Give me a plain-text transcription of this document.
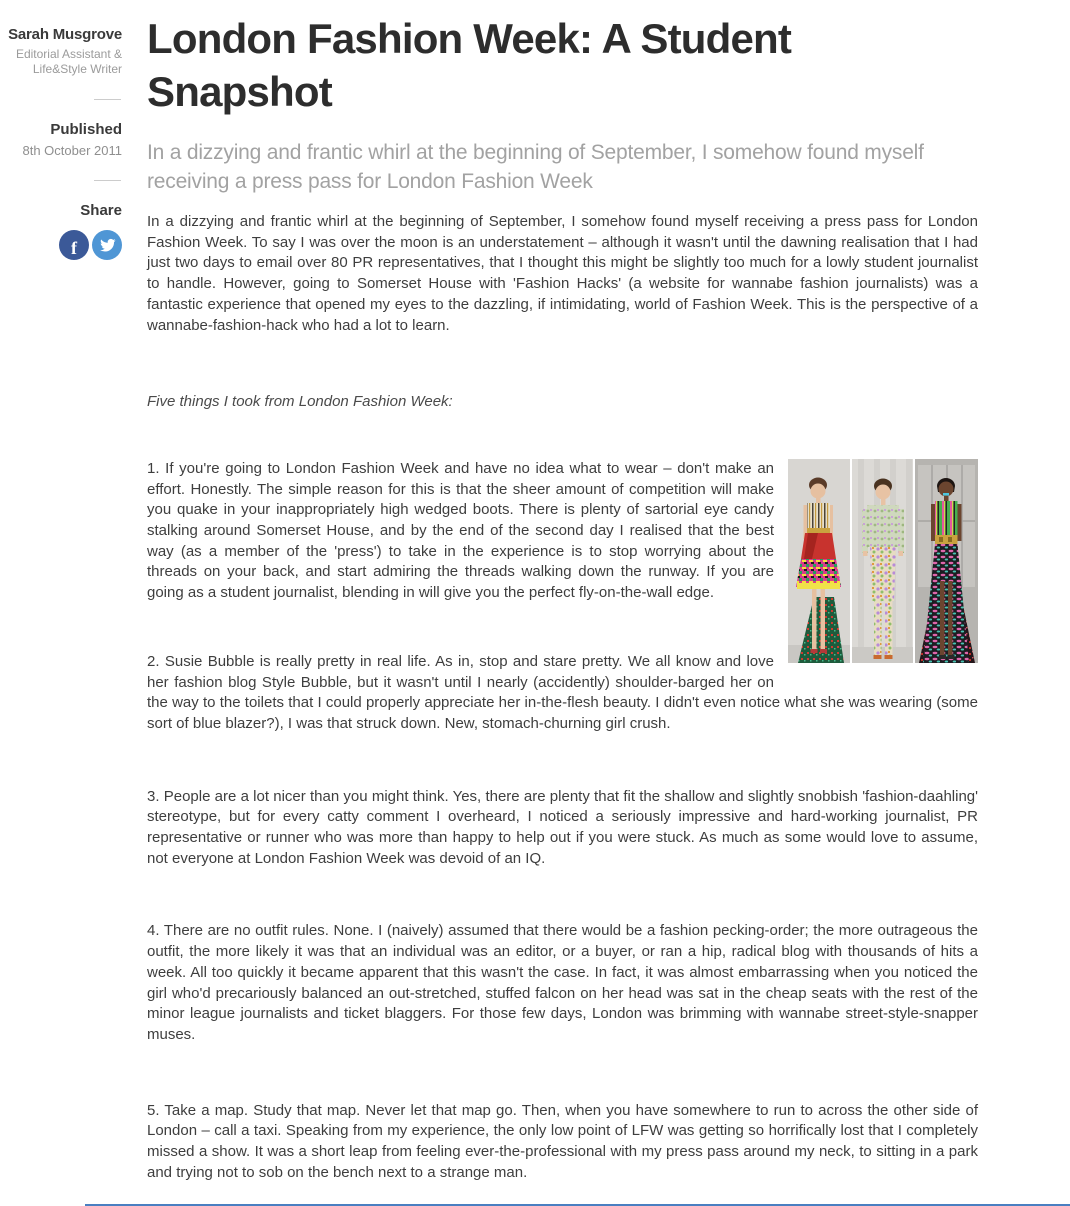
Sarah Musgrove
Editorial Assistant &
Life&Style Writer
Published
8th October 2011
Share
f
London Fashion Week: A Student Snapshot

In a dizzying and frantic whirl at the beginning of September, I somehow found myself receiving a press pass for London Fashion Week

In a dizzying and frantic whirl at the beginning of September, I somehow found myself receiving a press pass for London Fashion Week. To say I was over the moon is an understatement – although it wasn't until the dawning realisation that I had just two days to email over 80 PR representatives, that I thought this might be slightly too much for a lowly student journalist to handle. However, going to Somerset House with 'Fashion Hacks' (a website for wannabe fashion journalists) was a fantastic experience that opened my eyes to the dazzling, if intimidating, world of Fashion Week. This is the perspective of a wannabe-fashion-hack who had a lot to learn.

Five things I took from London Fashion Week:

1. If you're going to London Fashion Week and have no idea what to wear – don't make an effort. Honestly. The simple reason for this is that the sheer amount of competition will make you quake in your inappropriately high wedged boots. There is plenty of sartorial eye candy stalking around Somerset House, and by the end of the second day I realised that the best way (as a member of the 'press') to take in the experience is to stop worrying about the threads on your back, and start admiring the threads walking down the runway. If you are going as a student journalist, blending in will give you the perfect fly-on-the-wall edge.

2. Susie Bubble is really pretty in real life. As in, stop and stare pretty. We all know and love her fashion blog Style Bubble, but it wasn't until I nearly (accidently) shoulder-barged her on the way to the toilets that I could properly appreciate her in-the-flesh beauty. I didn't even notice what she was wearing (some sort of blue blazer?), I was that struck down. New, stomach-churning girl crush.

3. People are a lot nicer than you might think. Yes, there are plenty that fit the shallow and slightly snobbish 'fashion-daahling' stereotype, but for every catty comment I overheard, I noticed a seriously impressive and hard-working journalist, PR representative or runner who was more than happy to help out if you were stuck. As much as some would love to assume, not everyone at London Fashion Week was devoid of an IQ.

4. There are no outfit rules. None. I (naively) assumed that there would be a fashion pecking-order; the more outrageous the outfit, the more likely it was that an individual was an editor, or a buyer, or ran a hip, radical blog with thousands of hits a week. All too quickly it became apparent that this wasn't the case. In fact, it was almost embarrassing when you noticed the girl who'd precariously balanced an out-stretched, stuffed falcon on her head was sat in the cheap seats with the rest of the minor league journalists and ticket blaggers. For those few days, London was brimming with wannabe street-style-snapper muses.

5. Take a map. Study that map. Never let that map go. Then, when you have somewhere to run to across the other side of London – call a taxi. Speaking from my experience, the only low point of LFW was getting so horrifically lost that I completely missed a show. It was a short leap from feeling ever-the-professional with my press pass around my neck, to sitting in a park and trying not to sob on the bench next to a strange man.
